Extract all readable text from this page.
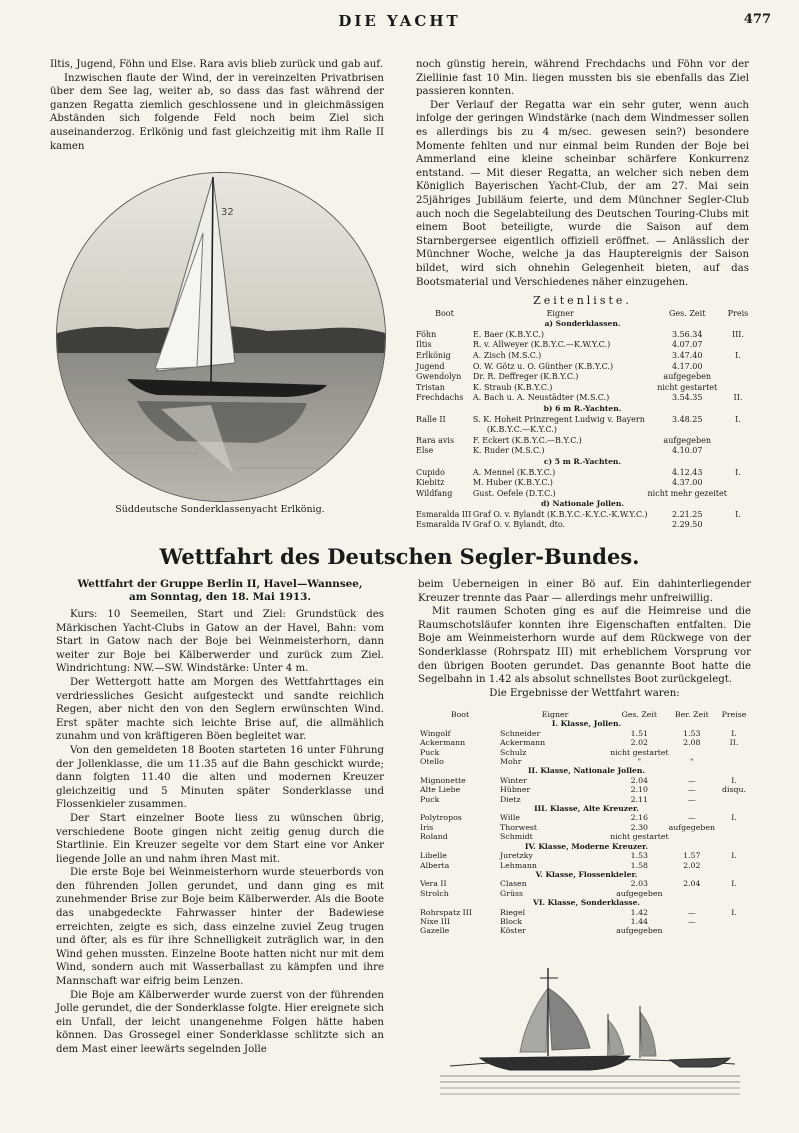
DIE YACHT	477

Iltis, Jugend, Föhn und Else. Rara avis blieb zurück und gab auf.

Inzwischen flaute der Wind, der in vereinzelten Privatbrisen über dem See lag, weiter ab, so dass das fast während der ganzen Regatta ziemlich geschlossene und in gleichmässigen Abständen sich folgende Feld noch beim Ziel sich auseinanderzog. Erlkönig und fast gleichzeitig mit ihm Ralle II kamen

32
Süddeutsche Sonderklassenyacht Erlkönig.

noch günstig herein, während Frechdachs und Föhn vor der Ziellinie fast 10 Min. liegen mussten bis sie ebenfalls das Ziel passieren konnten.

Der Verlauf der Regatta war ein sehr guter, wenn auch infolge der geringen Windstärke (nach dem Windmesser sollen es allerdings bis zu 4 m/sec. gewesen sein?) besondere Momente fehlten und nur einmal beim Runden der Boje bei Ammerland eine kleine scheinbar schärfere Konkurrenz entstand. — Mit dieser Regatta, an welcher sich neben dem Königlich Bayerischen Yacht-Club, der am 27. Mai sein 25jähriges Jubiläum feierte, und dem Münchner Segler-Club auch noch die Segelabteilung des Deutschen Touring-Clubs mit einem Boot beteiligte, wurde die Saison auf dem Starnbergersee eigentlich offiziell eröffnet. — Anlässlich der Münchner Woche, welche ja das Hauptereignis der Saison bildet, wird sich ohnehin Gelegenheit bieten, auf das Bootsmaterial und Verschiedenes näher einzugehen.

Zeitenliste.
Boot	Eigner	Ges. Zeit	Preis
a) Sonderklassen.			
Föhn	E. Baer (K.B.Y.C.)	3.56.34	III.
Iltis	R. v. Allweyer (K.B.Y.C.—K.W.Y.C.)	4.07.07	
Erlkönig	A. Zisch (M.S.C.)	3.47.40	I.
Jugend	O. W. Götz u. O. Günther (K.B.Y.C.)	4.17.00	
Gwendolyn	Dr. R. Deffreger (K.B.Y.C.)	aufgegeben	
Tristan	K. Straub (K.B.Y.C.)	nicht gestartet	
Frechdachs	A. Bach u. A. Neustädter (M.S.C.)	3.54.35	II.
b) 6 m R.-Yachten.			
Ralle II	S. K. Hoheit Prinzregent Ludwig v. Bayern	3.48.25	I.
	(K.B.Y.C.—K.Y.C.)		
Rara avis	F. Eckert (K.B.Y.C.—B.Y.C.)	aufgegeben	
Else	K. Ruder (M.S.C.)	4.10.07	
c) 5 m R.-Yachten.			
Cupido	A. Mennel (K.B.Y.C.)	4.12.43	I.
Kiebitz	M. Huber (K.B.Y.C.)	4.37.00	
Wildfang	Gust. Oefele (D.T.C.)	nicht mehr gezeitet	
d) Nationale Jollen.			
Esmaralda III	Graf O. v. Bylandt (K.B.Y.C.-K.Y.C.-K.W.Y.C.)	2.21.25	I.
Esmaralda IV	Graf O. v. Bylandt, dto.	2.29.50	
Wettfahrt des Deutschen Segler-Bundes.
Wettfahrt der Gruppe Berlin II, Havel—Wannsee,
am Sonntag, den 18. Mai 1913.

Kurs: 10 Seemeilen, Start und Ziel: Grundstück des Märkischen Yacht-Clubs in Gatow an der Havel, Bahn: vom Start in Gatow nach der Boje bei Weinmeisterhorn, dann weiter zur Boje bei Kälberwerder und zurück zum Ziel. Windrichtung: NW.—SW. Windstärke: Unter 4 m.

Der Wettergott hatte am Morgen des Wettfahrttages ein verdriessliches Gesicht aufgesteckt und sandte reichlich Regen, aber nicht den von den Seglern erwünschten Wind. Erst später machte sich leichte Brise auf, die allmählich zunahm und von kräftigeren Böen begleitet war.

Von den gemeldeten 18 Booten starteten 16 unter Führung der Jollenklasse, die um 11.35 auf die Bahn geschickt wurde; dann folgten 11.40 die alten und modernen Kreuzer gleichzeitig und 5 Minuten später Sonderklasse und Flossenkieler zusammen.

Der Start einzelner Boote liess zu wünschen übrig, verschiedene Boote gingen nicht zeitig genug durch die Startlinie. Ein Kreuzer segelte vor dem Start eine vor Anker liegende Jolle an und nahm ihren Mast mit.

Die erste Boje bei Weinmeisterhorn wurde steuerbords von den führenden Jollen gerundet, und dann ging es mit zunehmender Brise zur Boje beim Kälberwerder. Als die Boote das unabgedeckte Fahrwasser hinter der Badewiese erreichten, zeigte es sich, dass einzelne zuviel Zeug trugen und öfter, als es für ihre Schnelligkeit zuträglich war, in den Wind gehen mussten. Einzelne Boote hatten nicht nur mit dem Wind, sondern auch mit Wasserballast zu kämpfen und ihre Mannschaft war eifrig beim Lenzen.

Die Boje am Kälberwerder wurde zuerst von der führenden Jolle gerundet, die der Sonderklasse folgte. Hier ereignete sich ein Unfall, der leicht unangenehme Folgen hätte haben können. Das Grossegel einer Sonderklasse schlitzte sich an dem Mast einer leewärts segelnden Jolle

beim Ueberneigen in einer Bö auf. Ein dahinterliegender Kreuzer trennte das Paar — allerdings mehr unfreiwillig.

Mit raumen Schoten ging es auf die Heimreise und die Raumschotsläufer konnten ihre Eigenschaften entfalten. Die Boje am Weinmeisterhorn wurde auf dem Rückwege von der Sonderklasse (Rohrspatz III) mit erheblichem Vorsprung vor den übrigen Booten gerundet. Das genannte Boot hatte die Segelbahn in 1.42 als absolut schnellstes Boot zurückgelegt.

Die Ergebnisse der Wettfahrt waren:

Boot	Eigner	Ges. Zeit	Ber. Zeit	Preise
I. Klasse, Jollen.				
Wingolf	Schneider	1.51	1.53	I.
Ackermann	Ackermann	2.02	2.08	II.
Puck	Schulz	nicht gestartet		
Otello	Mohr	"	"	
II. Klasse, Nationale Jollen.				
Mignonette	Winter	2.04	—	I.
Alte Liebe	Hübner	2.10	—	disqu.
Puck	Dietz	2.11	—	
III. Klasse, Alte Kreuzer.				
Polytropos	Wille	2.16	—	I.
Iris	Thorwest	2.30	aufgegeben	
Roland	Schmidt	nicht gestartet		
IV. Klasse, Moderne Kreuzer.				
Libelle	Juretzky	1.53	1.57	I.
Alberta	Lehmann	1.58	2.02	
V. Klasse, Flossenkieler.				
Vera II	Clasen	2.03	2.04	I.
Strolch	Grüss	aufgegeben		
VI. Klasse, Sonderklasse.				
Rohrspatz III	Riegel	1.42	—	I.
Nixe III	Block	1.44	—	
Gazelle	Köster	aufgegeben		
